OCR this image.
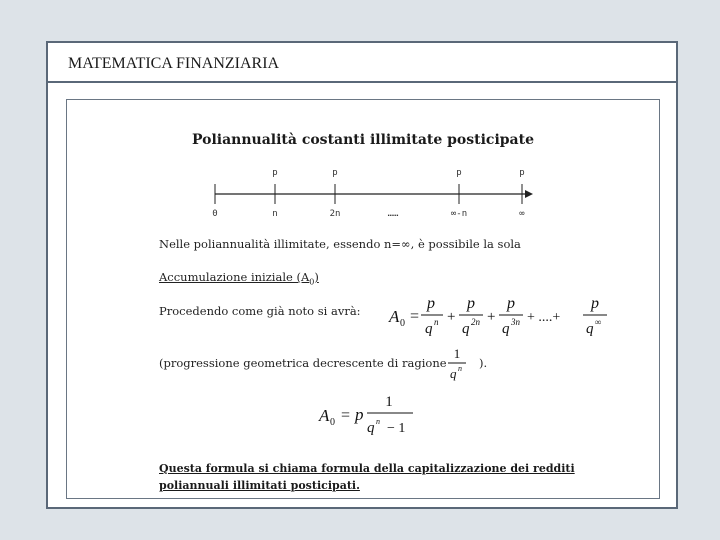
MATEMATICA FINANZIARIA
Poliannualità costanti illimitate posticipate
p	p	p	p
0	n	2n	……	∞-n	∞
Nelle poliannualità illimitate, essendo n=∞, è possibile la sola
Accumulazione iniziale $(A_0)$
Procedendo come già noto si avrà: A 0 =
p
q n +
p
q 2n +
p
q 3n + ....+
p
q ∞
(progressione geometrica decrescente di ragione
1
q n ).
A 0 = p
1
q n − 1
Questa formula si chiama formula della capitalizzazione dei redditi
poliannuali illimitati posticipati.
